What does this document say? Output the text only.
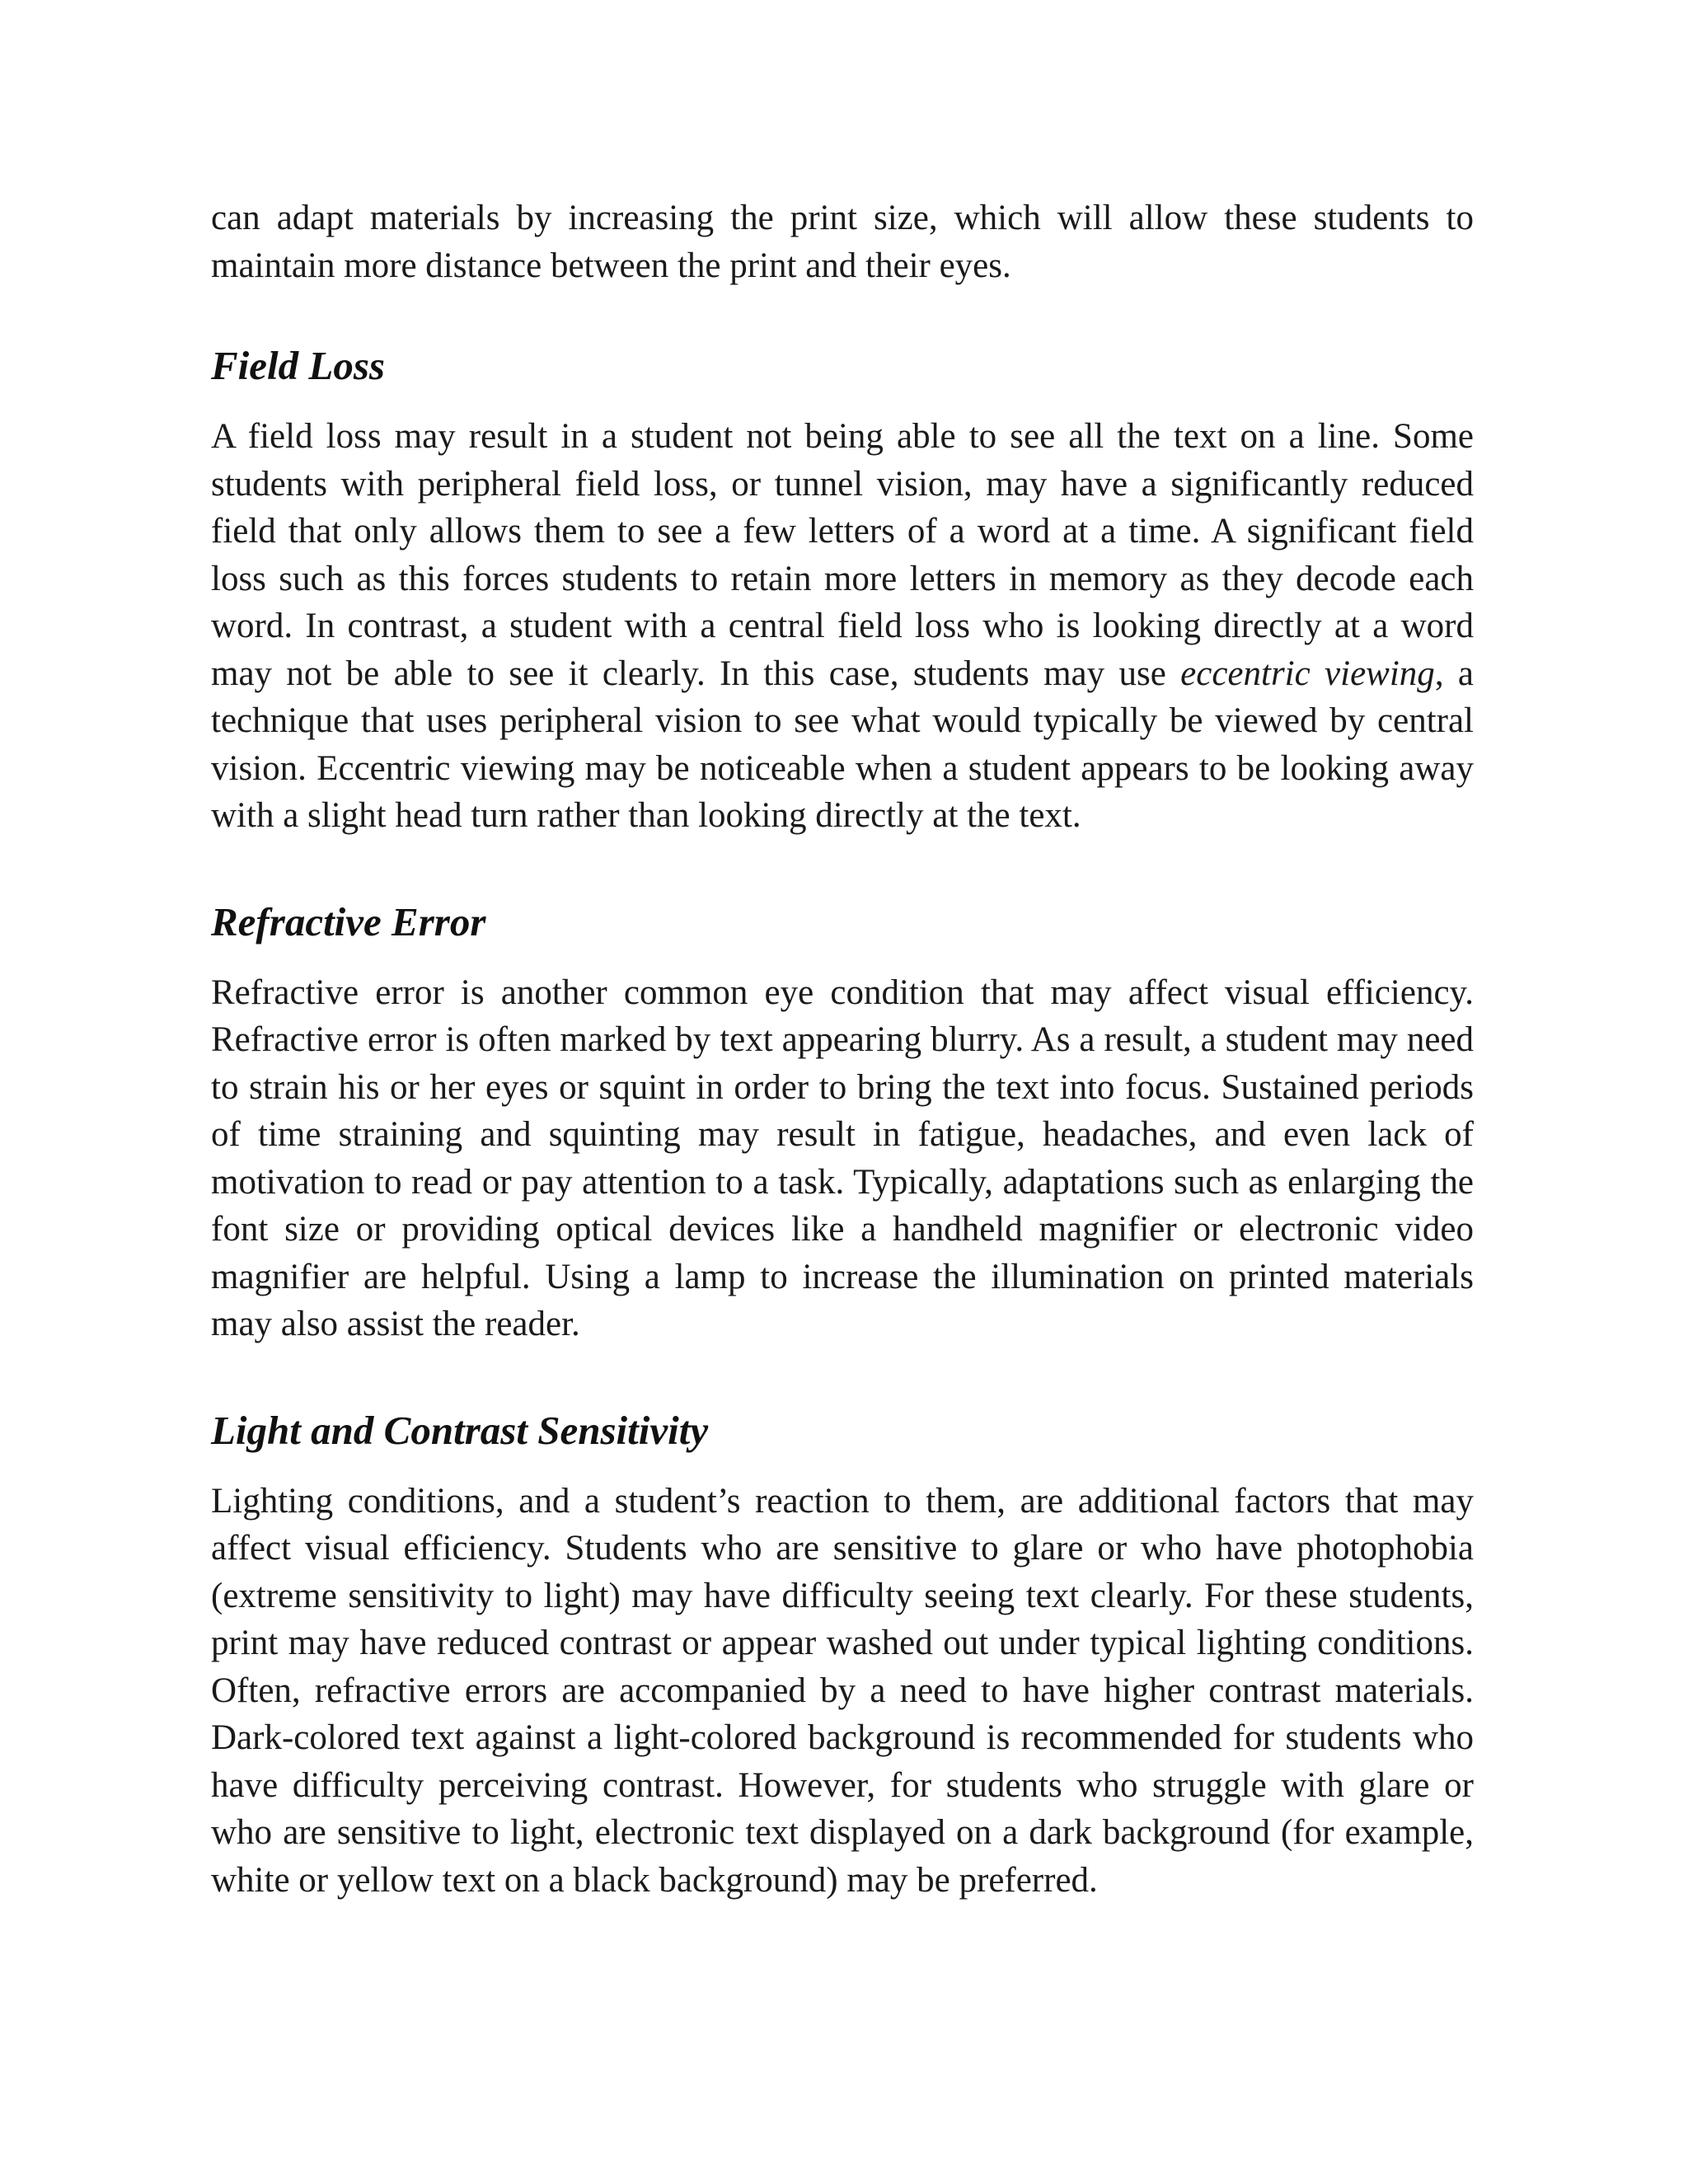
can adapt materials by increasing the print size, which will allow these students to maintain more distance between the print and their eyes.

Field Loss

A field loss may result in a student not being able to see all the text on a line. Some students with peripheral field loss, or tunnel vision, may have a significantly reduced field that only allows them to see a few letters of a word at a time. A significant field loss such as this forces students to retain more letters in memory as they decode each word. In contrast, a student with a central field loss who is looking directly at a word may not be able to see it clearly. In this case, students may use eccentric viewing, a technique that uses peripheral vision to see what would typically be viewed by central vision. Eccentric viewing may be noticeable when a student appears to be looking away with a slight head turn rather than looking directly at the text.

Refractive Error

Refractive error is another common eye condition that may affect visual efficiency. Refractive error is often marked by text appearing blurry. As a result, a student may need to strain his or her eyes or squint in order to bring the text into focus. Sustained periods of time straining and squinting may result in fatigue, headaches, and even lack of motivation to read or pay attention to a task. Typically, adaptations such as enlarging the font size or providing optical devices like a handheld magnifier or electronic video magnifier are helpful. Using a lamp to increase the illumination on printed materials may also assist the reader.

Light and Contrast Sensitivity

Lighting conditions, and a student’s reaction to them, are additional factors that may affect visual efficiency. Students who are sensitive to glare or who have photophobia (extreme sensitivity to light) may have difficulty seeing text clearly. For these students, print may have reduced contrast or appear washed out under typical lighting conditions. Often, refractive errors are accompanied by a need to have higher contrast materials. Dark-colored text against a light-colored background is recommended for students who have difficulty perceiving contrast. However, for students who struggle with glare or who are sensitive to light, electronic text displayed on a dark background (for example, white or yellow text on a black background) may be preferred.
